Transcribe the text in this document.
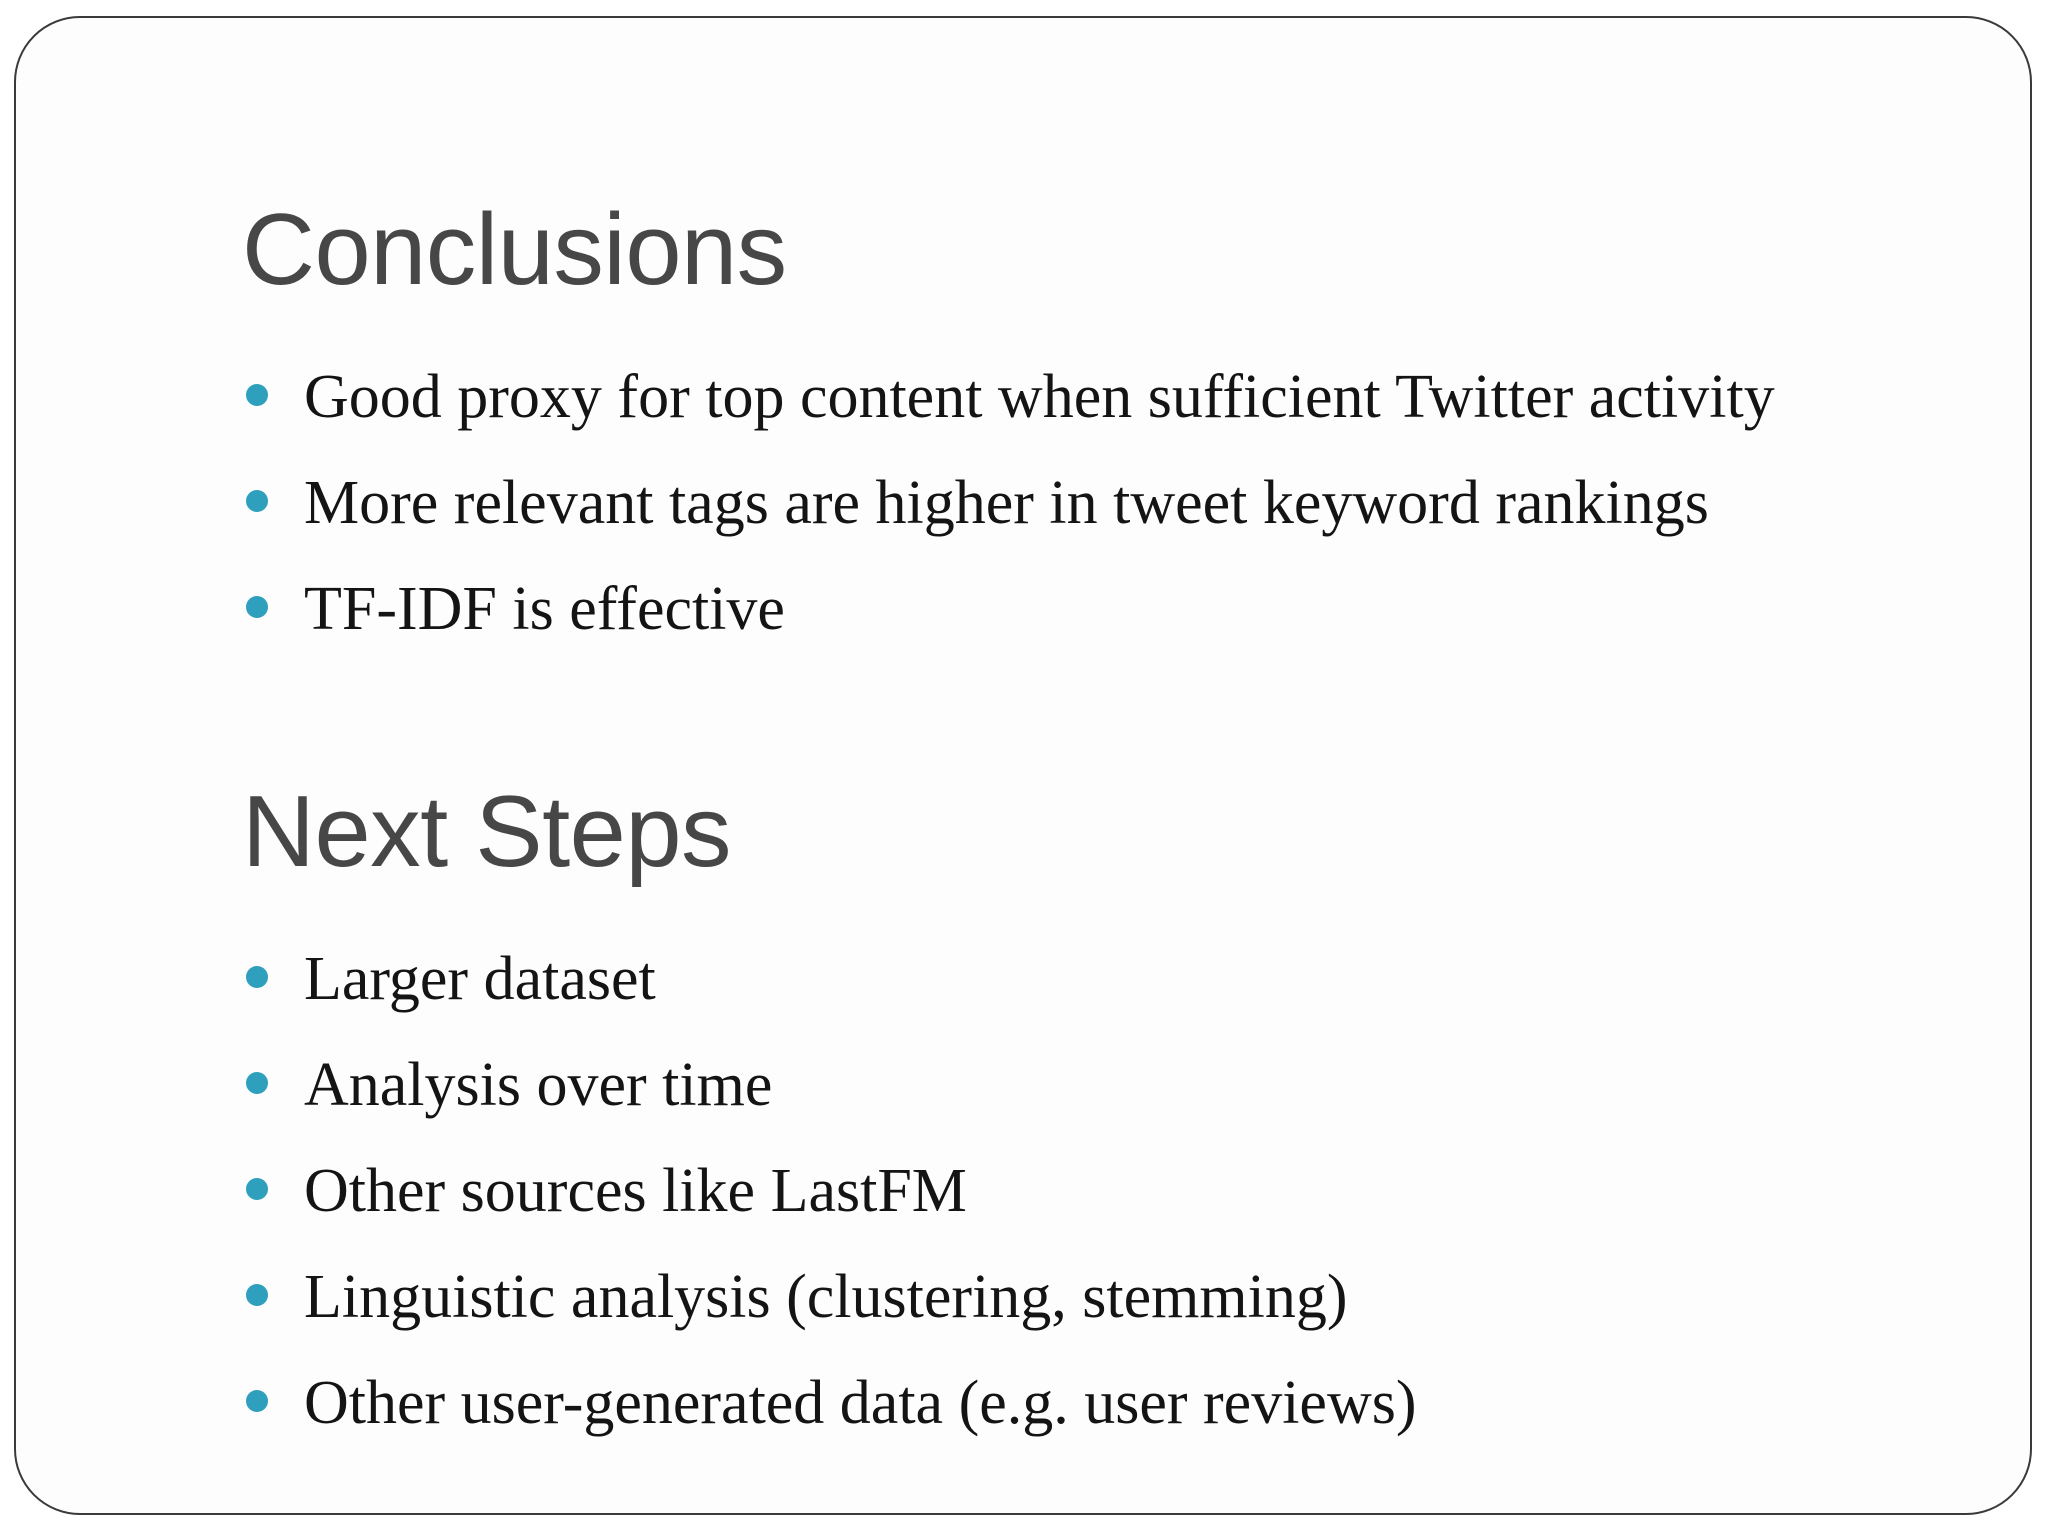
Conclusions
Good proxy for top content when sufficient Twitter activity
More relevant tags are higher in tweet keyword rankings
TF-IDF is effective
Next Steps
Larger dataset
Analysis over time
Other sources like LastFM
Linguistic analysis (clustering, stemming)
Other user-generated data (e.g. user reviews)
